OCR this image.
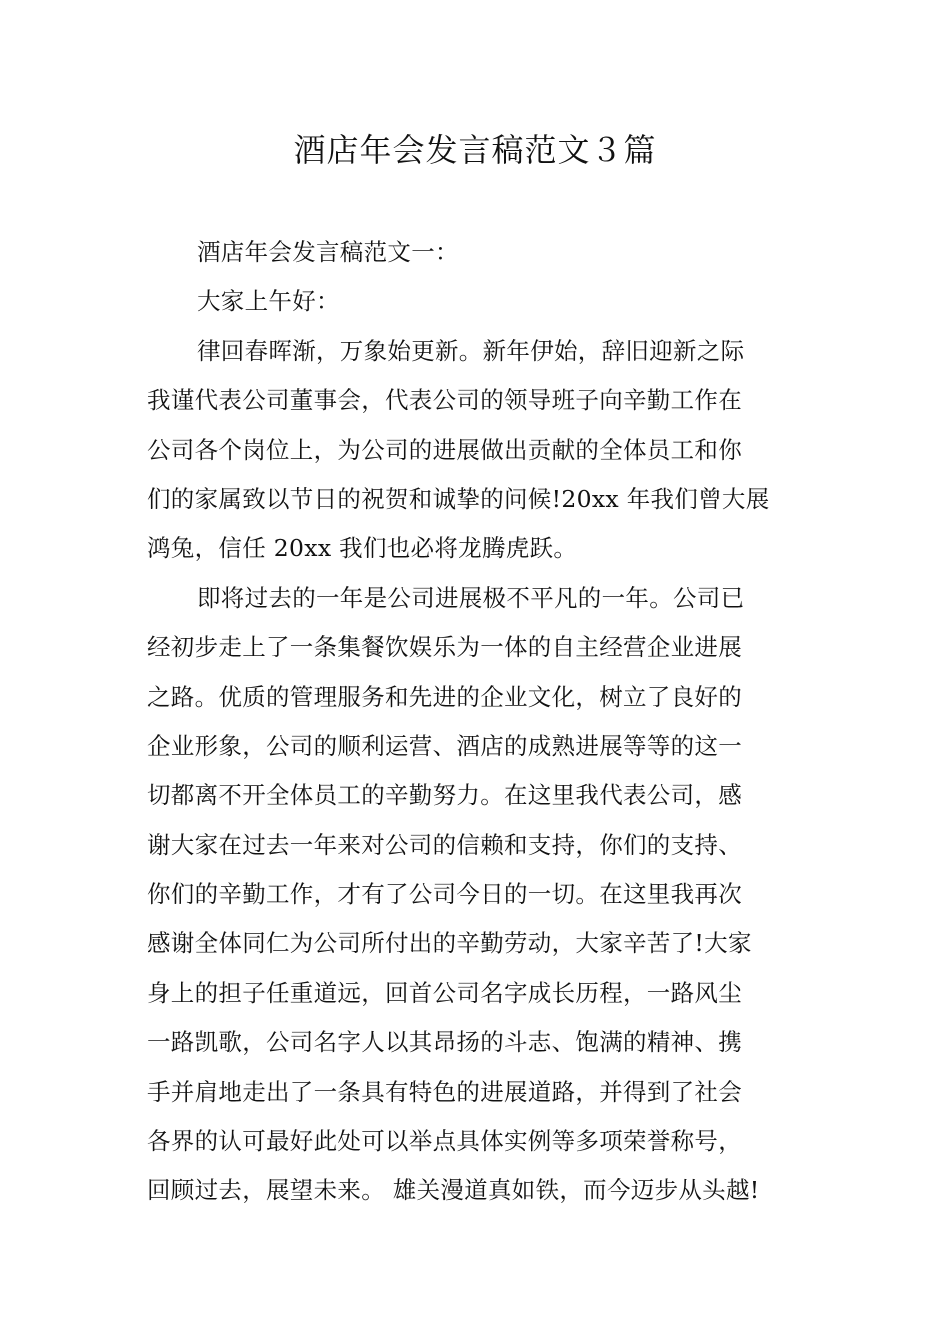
酒店年会发言稿范文３篇
酒店年会发言稿范文一：
大家上午好：
律回春晖渐，万象始更新。新年伊始，辞旧迎新之际
我谨代表公司董事会，代表公司的领导班子向辛勤工作在
公司各个岗位上，为公司的进展做出贡献的全体员工和你
们的家属致以节日的祝贺和诚挚的问候!20xx 年我们曾大展
鸿兔，信任 20xx 我们也必将龙腾虎跃。
即将过去的一年是公司进展极不平凡的一年。公司已
经初步走上了一条集餐饮娱乐为一体的自主经营企业进展
之路。优质的管理服务和先进的企业文化，树立了良好的
企业形象，公司的顺利运营、酒店的成熟进展等等的这一
切都离不开全体员工的辛勤努力。在这里我代表公司，感
谢大家在过去一年来对公司的信赖和支持，你们的支持、
你们的辛勤工作，才有了公司今日的一切。在这里我再次
感谢全体同仁为公司所付出的辛勤劳动，大家辛苦了!大家
身上的担子任重道远，回首公司名字成长历程，一路风尘
一路凯歌，公司名字人以其昂扬的斗志、饱满的精神、携
手并肩地走出了一条具有特色的进展道路，并得到了社会
各界的认可最好此处可以举点具体实例等多项荣誉称号，
回顾过去，展望未来。 雄关漫道真如铁，而今迈步从头越!
